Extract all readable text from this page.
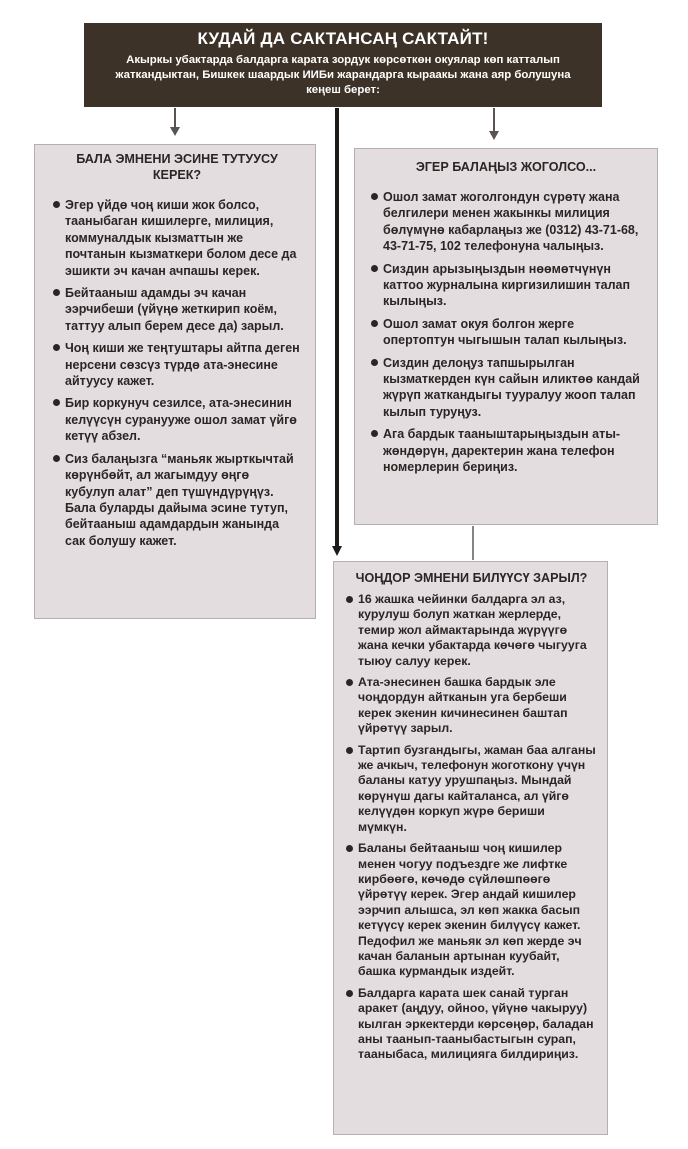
КУДАЙ ДА САКТАНСАҢ САКТАЙТ!

Акыркы убактарда балдарга карата зордук көрсөткөн окуялар көп катталып жаткандыктан, Бишкек шаардык ИИБи жарандарга кыраакы жана аяр болушуна кеңеш берет:

БАЛА ЭМНЕНИ ЭСИНЕ ТУТУУСУ КЕРЕК?
Эгер үйдө чоң киши жок болсо, тааныбаган кишилерге, милиция, коммуналдык кызматтын же почтанын кызматкери болом десе да эшикти эч качан ачпашы керек.
Бейтааныш адамды эч качан ээрчибеши (үйүңө жеткирип коём, таттуу алып берем десе да) зарыл.
Чоң киши же теңтуштары айтпа деген нерсени сөзсүз түрдө ата-энесине айтуусу кажет.
Бир коркунуч сезилсе, ата-энесинин келүүсүн суранууже ошол замат үйгө кетүү абзел.
Сиз балаңызга “маньяк жырткычтай көрүнбөйт, ал жагымдуу өңгө кубулуп алат” деп түшүндүрүңүз. Бала буларды дайыма эсине тутуп, бейтааныш адамдардын жанында сак болушу кажет.
ЭГЕР БАЛАҢЫЗ ЖОГОЛСО...
Ошол замат жоголгондун сүрөтү жана белгилери менен жакынкы милиция бөлүмүнө кабарлаңыз же (0312) 43-71-68, 43-71-75, 102 телефонуна чалыңыз.
Сиздин арызыңыздын нөөмөтчүнүн каттоо журналына киргизилишин талап кылыңыз.
Ошол замат окуя болгон жерге опертоптун чыгышын талап кылыңыз.
Сиздин делоңуз тапшырылган кызматкерден күн сайын иликтөө кандай жүрүп жаткандыгы тууралуу жооп талап кылып туруңуз.
Ага бардык тааныштарыңыздын аты-жөндөрүн, даректерин жана телефон номерлерин бериңиз.
ЧОҢДОР ЭМНЕНИ БИЛҮҮСҮ ЗАРЫЛ?
16 жашка чейинки балдарга эл аз, курулуш болуп жаткан жерлерде, темир жол аймактарында жүрүүгө жана кечки убактарда көчөгө чыгууга тыюу салуу керек.
Ата-энесинен башка бардык эле чоңдордун айтканын уга бербеши керек экенин кичинесинен баштап үйрөтүү зарыл.
Тартип бузгандыгы, жаман баа алганы же ачкыч, телефонун жоготкону үчүн баланы катуу урушпаңыз. Мындай көрүнүш дагы кайталанса, ал үйгө келүүдөн коркуп жүрө бериши мүмкүн.
Баланы бейтааныш чоң кишилер менен чогуу подъездге же лифтке кирбөөгө, көчөдө сүйлөшпөөгө үйрөтүү керек. Эгер андай кишилер ээрчип алышса, эл көп жакка басып кетүүсү керек экенин билүүсү кажет. Педофил же маньяк эл көп жерде эч качан баланын артынан куубайт, башка курмандык издейт.
Балдарга карата шек санай турган аракет (аңдуу, ойноо, үйүнө чакыруу) кылган эркектерди көрсөңөр, баладан аны таанып-тааныбастыгын сурап, тааныбаса, милицияга билдириңиз.
